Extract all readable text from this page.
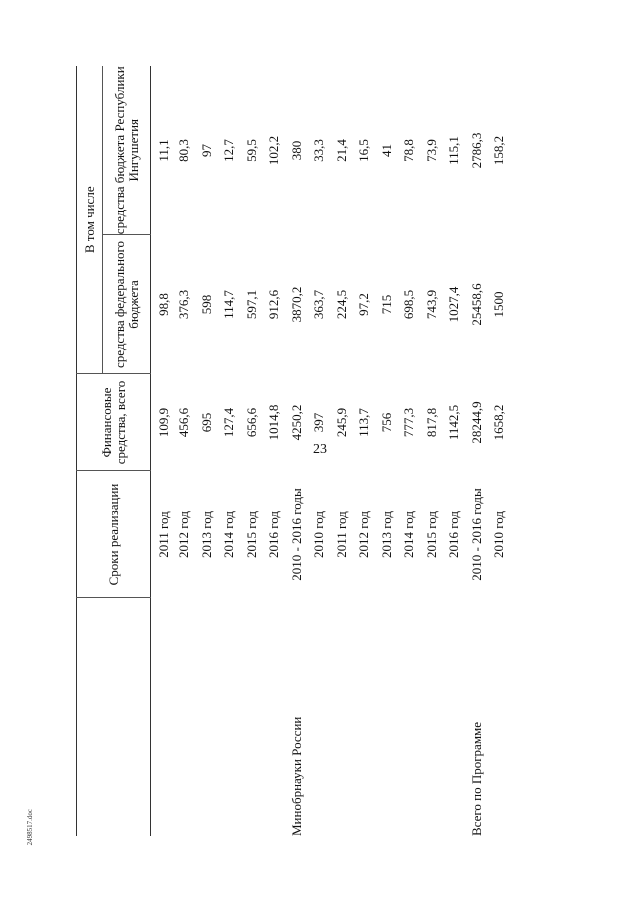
23
2498517.doc
	Сроки реализации	Финансовые средства, всего	В том числе	
			средства федерального бюджета	средства бюджета Республики Ингушетия
	2011 год	109,9	98,8	11,1
	2012 год	456,6	376,3	80,3
	2013 год	695	598	97
	2014 год	127,4	114,7	12,7
	2015 год	656,6	597,1	59,5
	2016 год	1014,8	912,6	102,2
Минобрнауки России	2010 - 2016 годы	4250,2	3870,2	380
	2010 год	397	363,7	33,3
	2011 год	245,9	224,5	21,4
	2012 год	113,7	97,2	16,5
	2013 год	756	715	41
	2014 год	777,3	698,5	78,8
	2015 год	817,8	743,9	73,9
	2016 год	1142,5	1027,4	115,1
Всего по Программе	2010 - 2016 годы	28244,9	25458,6	2786,3
	2010 год	1658,2	1500	158,2
